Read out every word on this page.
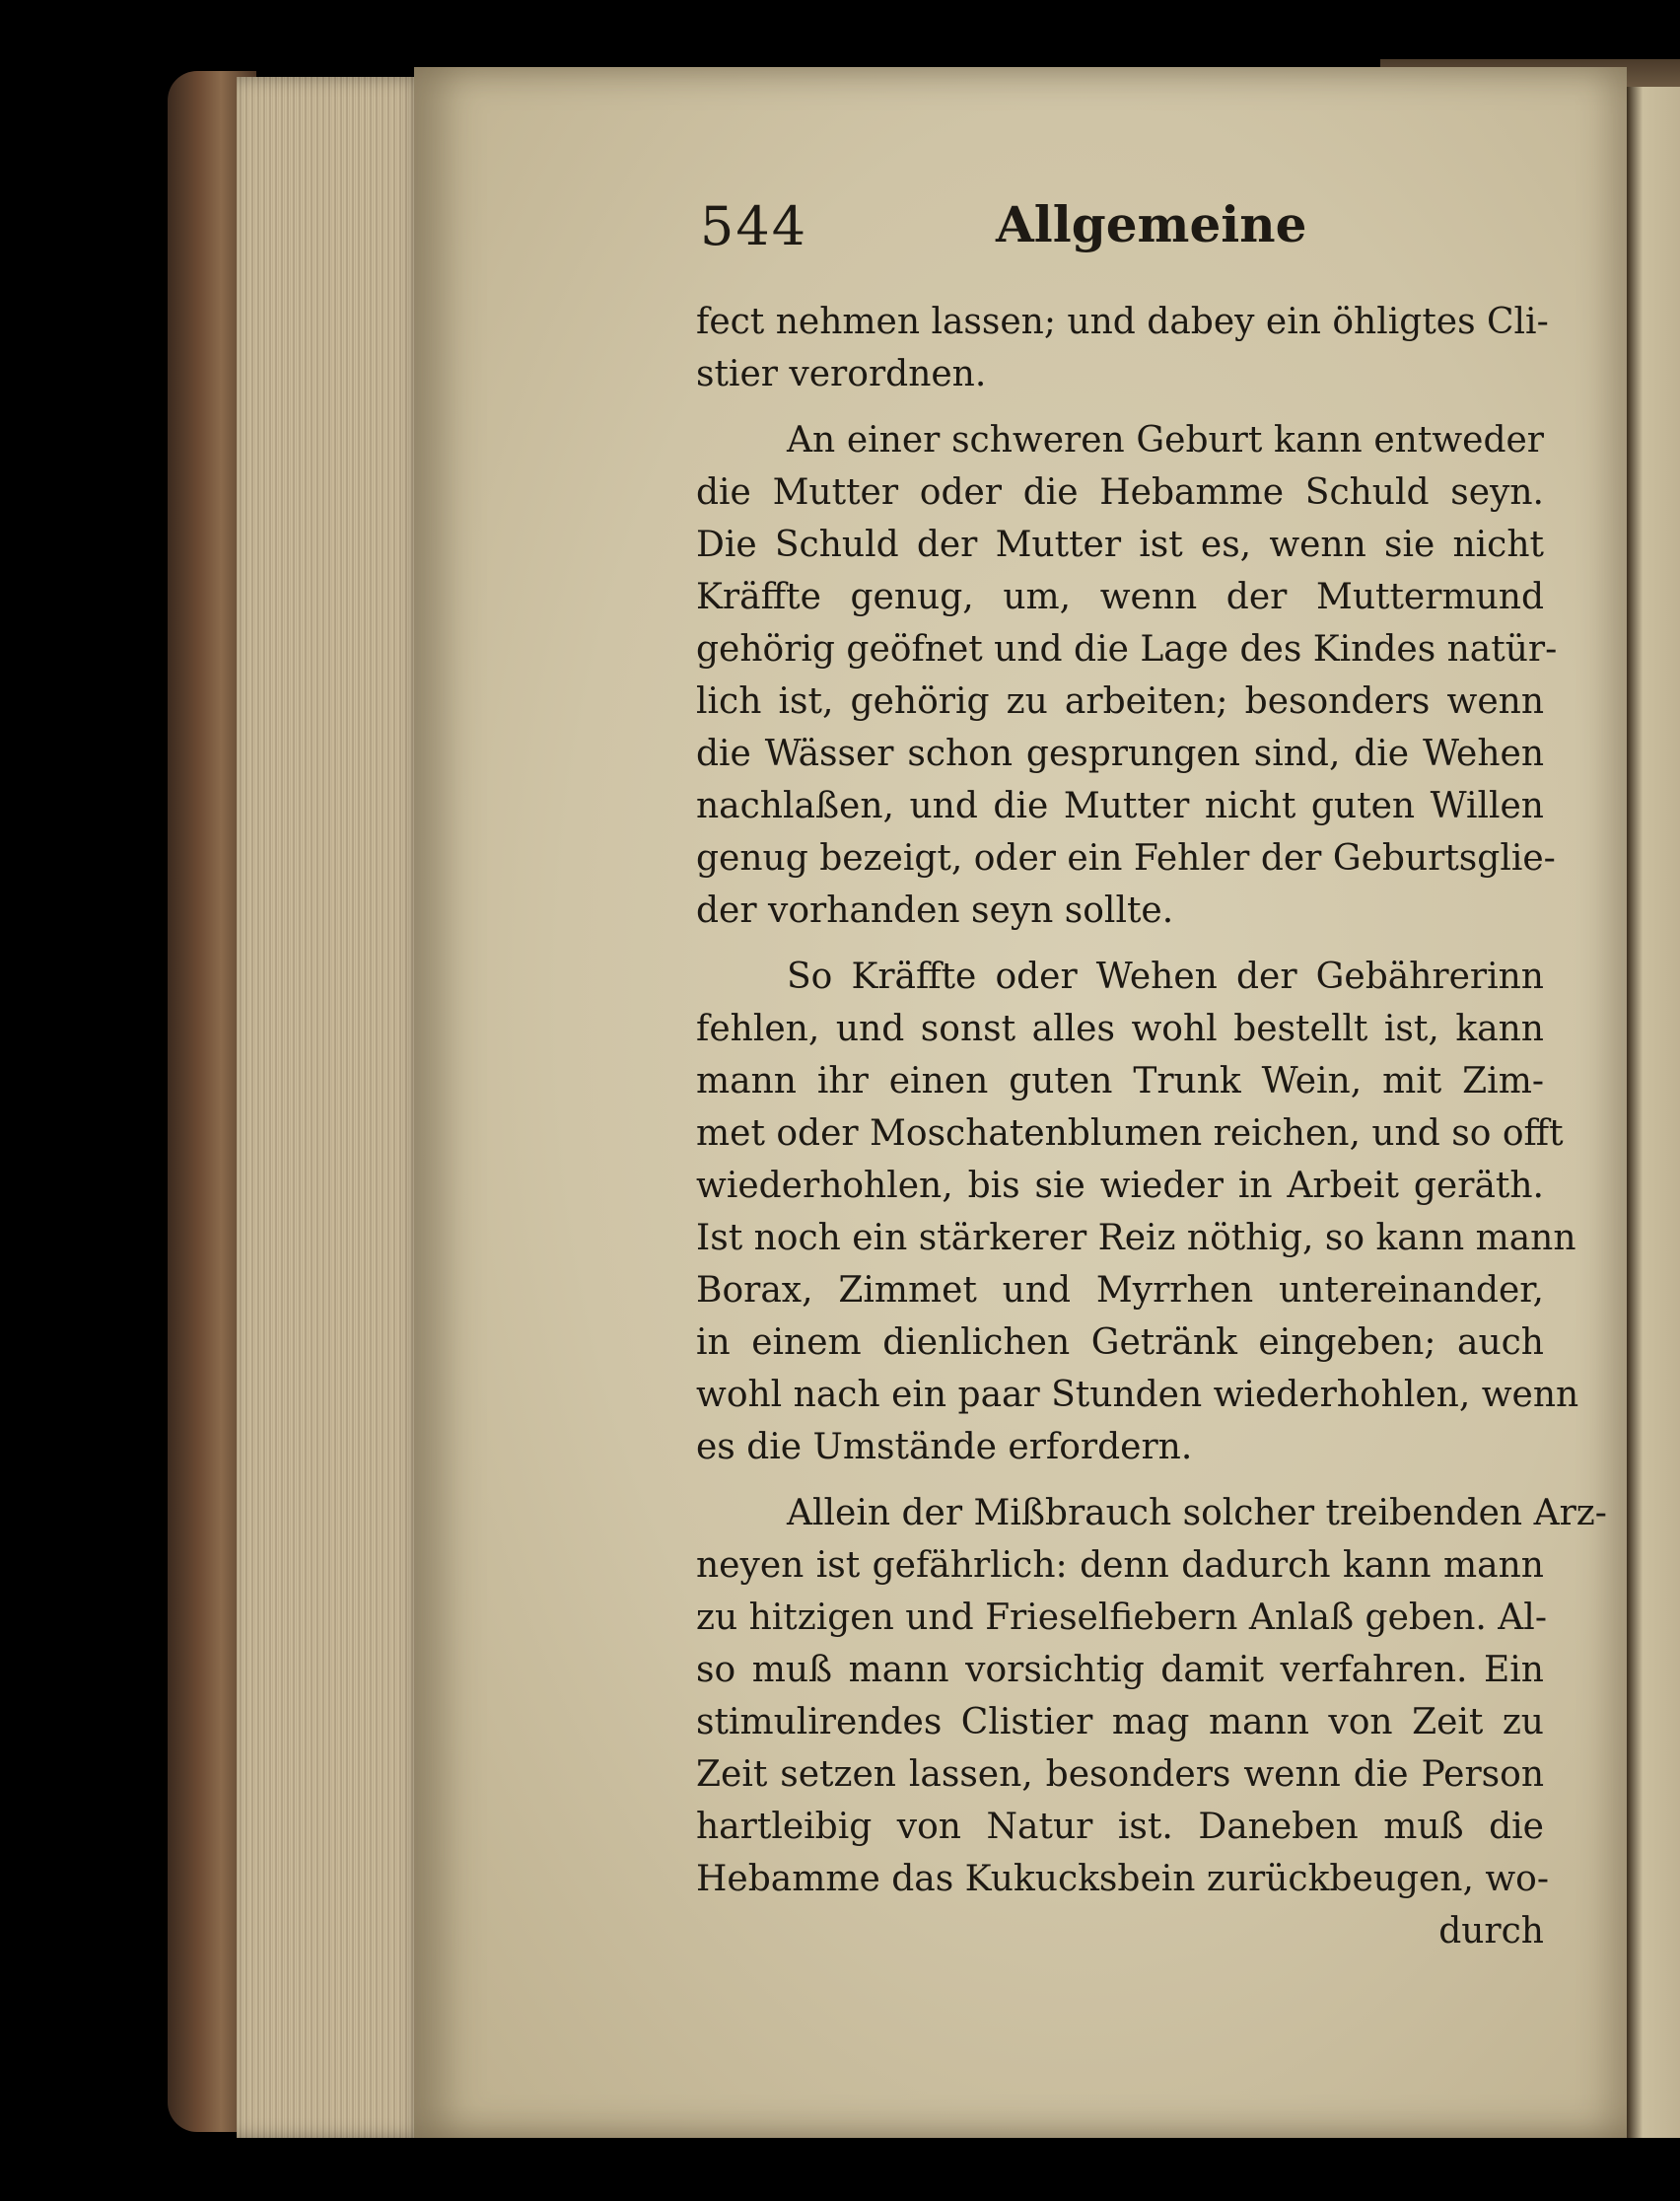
544	Allgemeine
fect nehmen lassen; und dabey ein öhligtes Cli-
stier verordnen.
An einer schweren Geburt kann entweder
die Mutter oder die Hebamme Schuld seyn.
Die Schuld der Mutter ist es, wenn sie nicht
Kräffte genug, um, wenn der Muttermund
gehörig geöfnet und die Lage des Kindes natür-
lich ist, gehörig zu arbeiten; besonders wenn
die Wässer schon gesprungen sind, die Wehen
nachlaßen, und die Mutter nicht guten Willen
genug bezeigt, oder ein Fehler der Geburtsglie-
der vorhanden seyn sollte.
So Kräffte oder Wehen der Gebährerinn
fehlen, und sonst alles wohl bestellt ist, kann
mann ihr einen guten Trunk Wein, mit Zim-
met oder Moschatenblumen reichen, und so offt
wiederhohlen, bis sie wieder in Arbeit geräth.
Ist noch ein stärkerer Reiz nöthig, so kann mann
Borax, Zimmet und Myrrhen untereinander,
in einem dienlichen Getränk eingeben; auch
wohl nach ein paar Stunden wiederhohlen, wenn
es die Umstände erfordern.
Allein der Mißbrauch solcher treibenden Arz-
neyen ist gefährlich: denn dadurch kann mann
zu hitzigen und Frieselfiebern Anlaß geben. Al-
so muß mann vorsichtig damit verfahren. Ein
stimulirendes Clistier mag mann von Zeit zu
Zeit setzen lassen, besonders wenn die Person
hartleibig von Natur ist. Daneben muß die
Hebamme das Kukucksbein zurückbeugen, wo-
durch
